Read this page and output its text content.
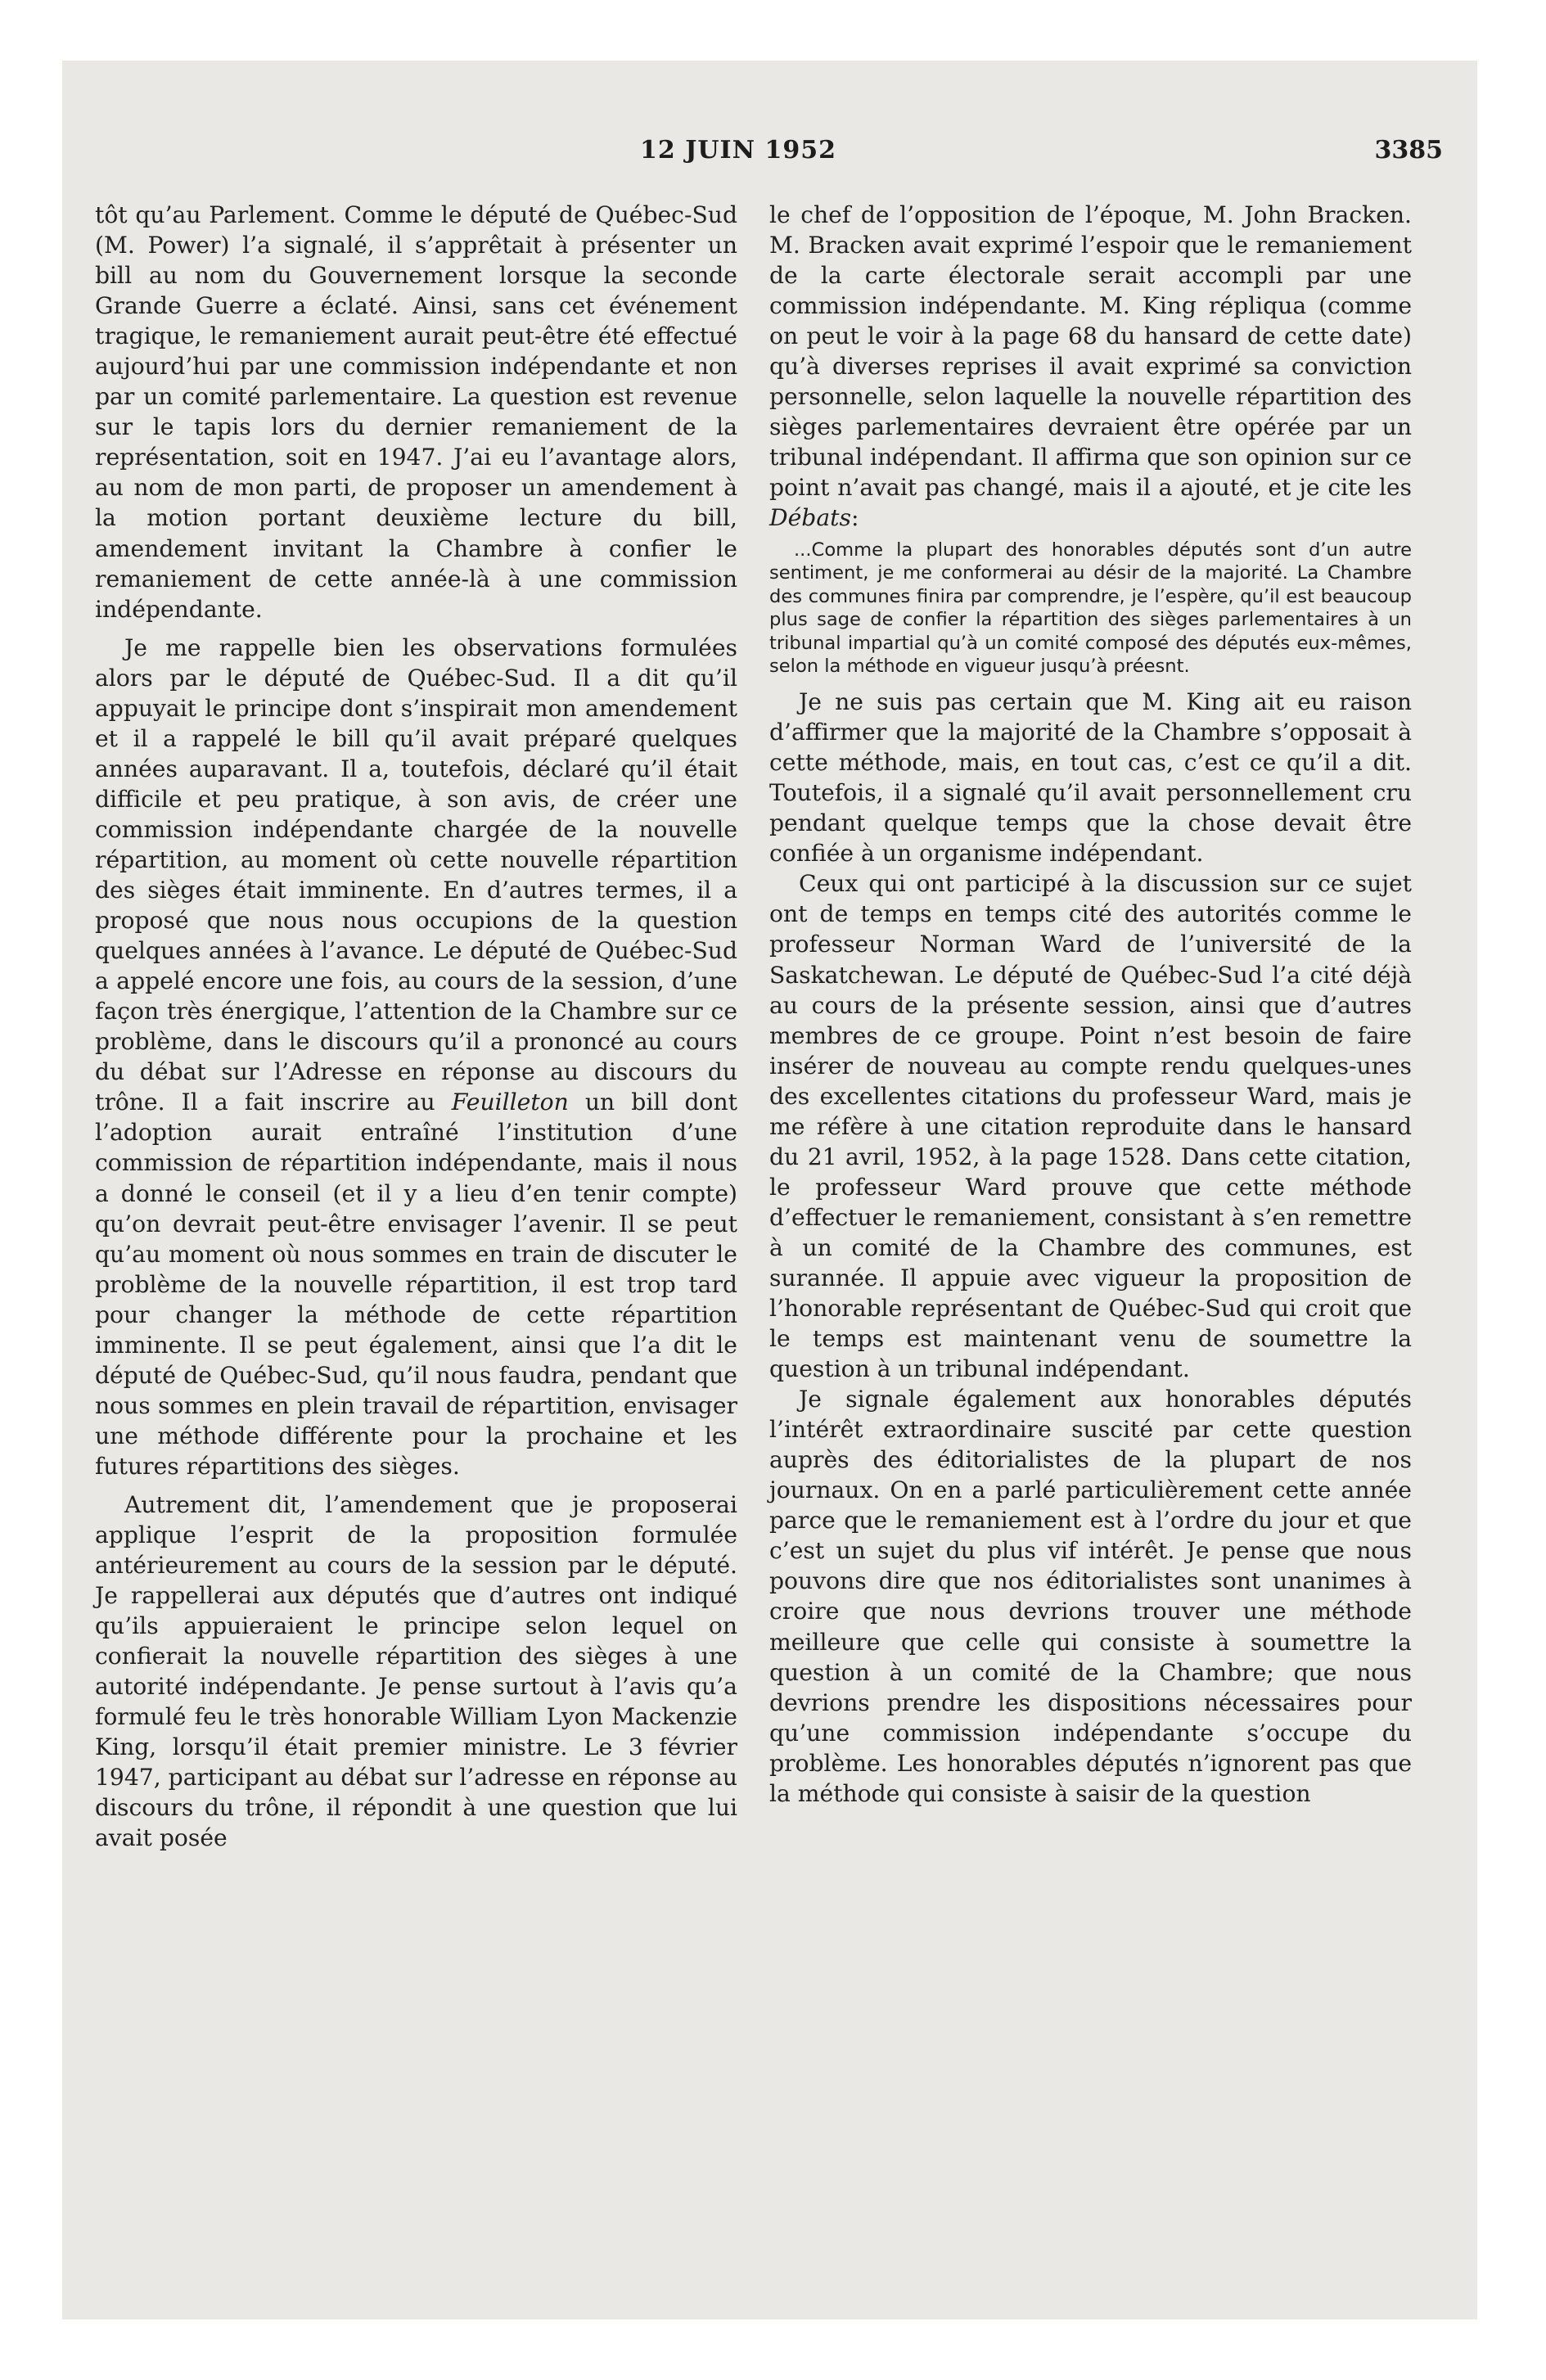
12 JUIN 1952	3385

tôt qu’au Parlement. Comme le député de Québec-Sud (M. Power) l’a signalé, il s’apprêtait à présenter un bill au nom du Gouvernement lorsque la seconde Grande Guerre a éclaté. Ainsi, sans cet événement tragique, le remaniement aurait peut-être été effectué aujourd’hui par une commission indépendante et non par un comité parlementaire. La question est revenue sur le tapis lors du dernier remaniement de la représentation, soit en 1947. J’ai eu l’avantage alors, au nom de mon parti, de proposer un amendement à la motion portant deuxième lecture du bill, amendement invitant la Chambre à confier le remaniement de cette année-là à une commission indépendante.

Je me rappelle bien les observations formulées alors par le député de Québec-Sud. Il a dit qu’il appuyait le principe dont s’inspirait mon amendement et il a rappelé le bill qu’il avait préparé quelques années auparavant. Il a, toutefois, déclaré qu’il était difficile et peu pratique, à son avis, de créer une commission indépendante chargée de la nouvelle répartition, au moment où cette nouvelle répartition des sièges était imminente. En d’autres termes, il a proposé que nous nous occupions de la question quelques années à l’avance. Le député de Québec-Sud a appelé encore une fois, au cours de la session, d’une façon très énergique, l’attention de la Chambre sur ce problème, dans le discours qu’il a prononcé au cours du débat sur l’Adresse en réponse au discours du trône. Il a fait inscrire au Feuilleton un bill dont l’adoption aurait entraîné l’institution d’une commission de répartition indépendante, mais il nous a donné le conseil (et il y a lieu d’en tenir compte) qu’on devrait peut-être envisager l’avenir. Il se peut qu’au moment où nous sommes en train de discuter le problème de la nouvelle répartition, il est trop tard pour changer la méthode de cette répartition imminente. Il se peut également, ainsi que l’a dit le député de Québec-Sud, qu’il nous faudra, pendant que nous sommes en plein travail de répartition, envisager une méthode différente pour la prochaine et les futures répartitions des sièges.

Autrement dit, l’amendement que je proposerai applique l’esprit de la proposition formulée antérieurement au cours de la session par le député. Je rappellerai aux députés que d’autres ont indiqué qu’ils appuieraient le principe selon lequel on confierait la nouvelle répartition des sièges à une autorité indépendante. Je pense surtout à l’avis qu’a formulé feu le très honorable William Lyon Mackenzie King, lorsqu’il était premier ministre. Le 3 février 1947, participant au débat sur l’adresse en réponse au discours du trône, il répondit à une question que lui avait posée

le chef de l’opposition de l’époque, M. John Bracken. M. Bracken avait exprimé l’espoir que le remaniement de la carte électorale serait accompli par une commission indépendante. M. King répliqua (comme on peut le voir à la page 68 du hansard de cette date) qu’à diverses reprises il avait exprimé sa conviction personnelle, selon laquelle la nouvelle répartition des sièges parlementaires devraient être opérée par un tribunal indépendant. Il affirma que son opinion sur ce point n’avait pas changé, mais il a ajouté, et je cite les Débats:

...Comme la plupart des honorables députés sont d’un autre sentiment, je me conformerai au désir de la majorité. La Chambre des communes finira par comprendre, je l’espère, qu’il est beaucoup plus sage de confier la répartition des sièges parlementaires à un tribunal impartial qu’à un comité composé des députés eux-mêmes, selon la méthode en vigueur jusqu’à préesnt.

Je ne suis pas certain que M. King ait eu raison d’affirmer que la majorité de la Chambre s’opposait à cette méthode, mais, en tout cas, c’est ce qu’il a dit. Toutefois, il a signalé qu’il avait personnellement cru pendant quelque temps que la chose devait être confiée à un organisme indépendant.

Ceux qui ont participé à la discussion sur ce sujet ont de temps en temps cité des autorités comme le professeur Norman Ward de l’université de la Saskatchewan. Le député de Québec-Sud l’a cité déjà au cours de la présente session, ainsi que d’autres membres de ce groupe. Point n’est besoin de faire insérer de nouveau au compte rendu quelques-unes des excellentes citations du professeur Ward, mais je me réfère à une citation reproduite dans le hansard du 21 avril, 1952, à la page 1528. Dans cette citation, le professeur Ward prouve que cette méthode d’effectuer le remaniement, consistant à s’en remettre à un comité de la Chambre des communes, est surannée. Il appuie avec vigueur la proposition de l’honorable représentant de Québec-Sud qui croit que le temps est maintenant venu de soumettre la question à un tribunal indépendant.

Je signale également aux honorables députés l’intérêt extraordinaire suscité par cette question auprès des éditorialistes de la plupart de nos journaux. On en a parlé particulièrement cette année parce que le remaniement est à l’ordre du jour et que c’est un sujet du plus vif intérêt. Je pense que nous pouvons dire que nos éditorialistes sont unanimes à croire que nous devrions trouver une méthode meilleure que celle qui consiste à soumettre la question à un comité de la Chambre; que nous devrions prendre les dispositions nécessaires pour qu’une commission indépendante s’occupe du problème. Les honorables députés n’ignorent pas que la méthode qui consiste à saisir de la question
